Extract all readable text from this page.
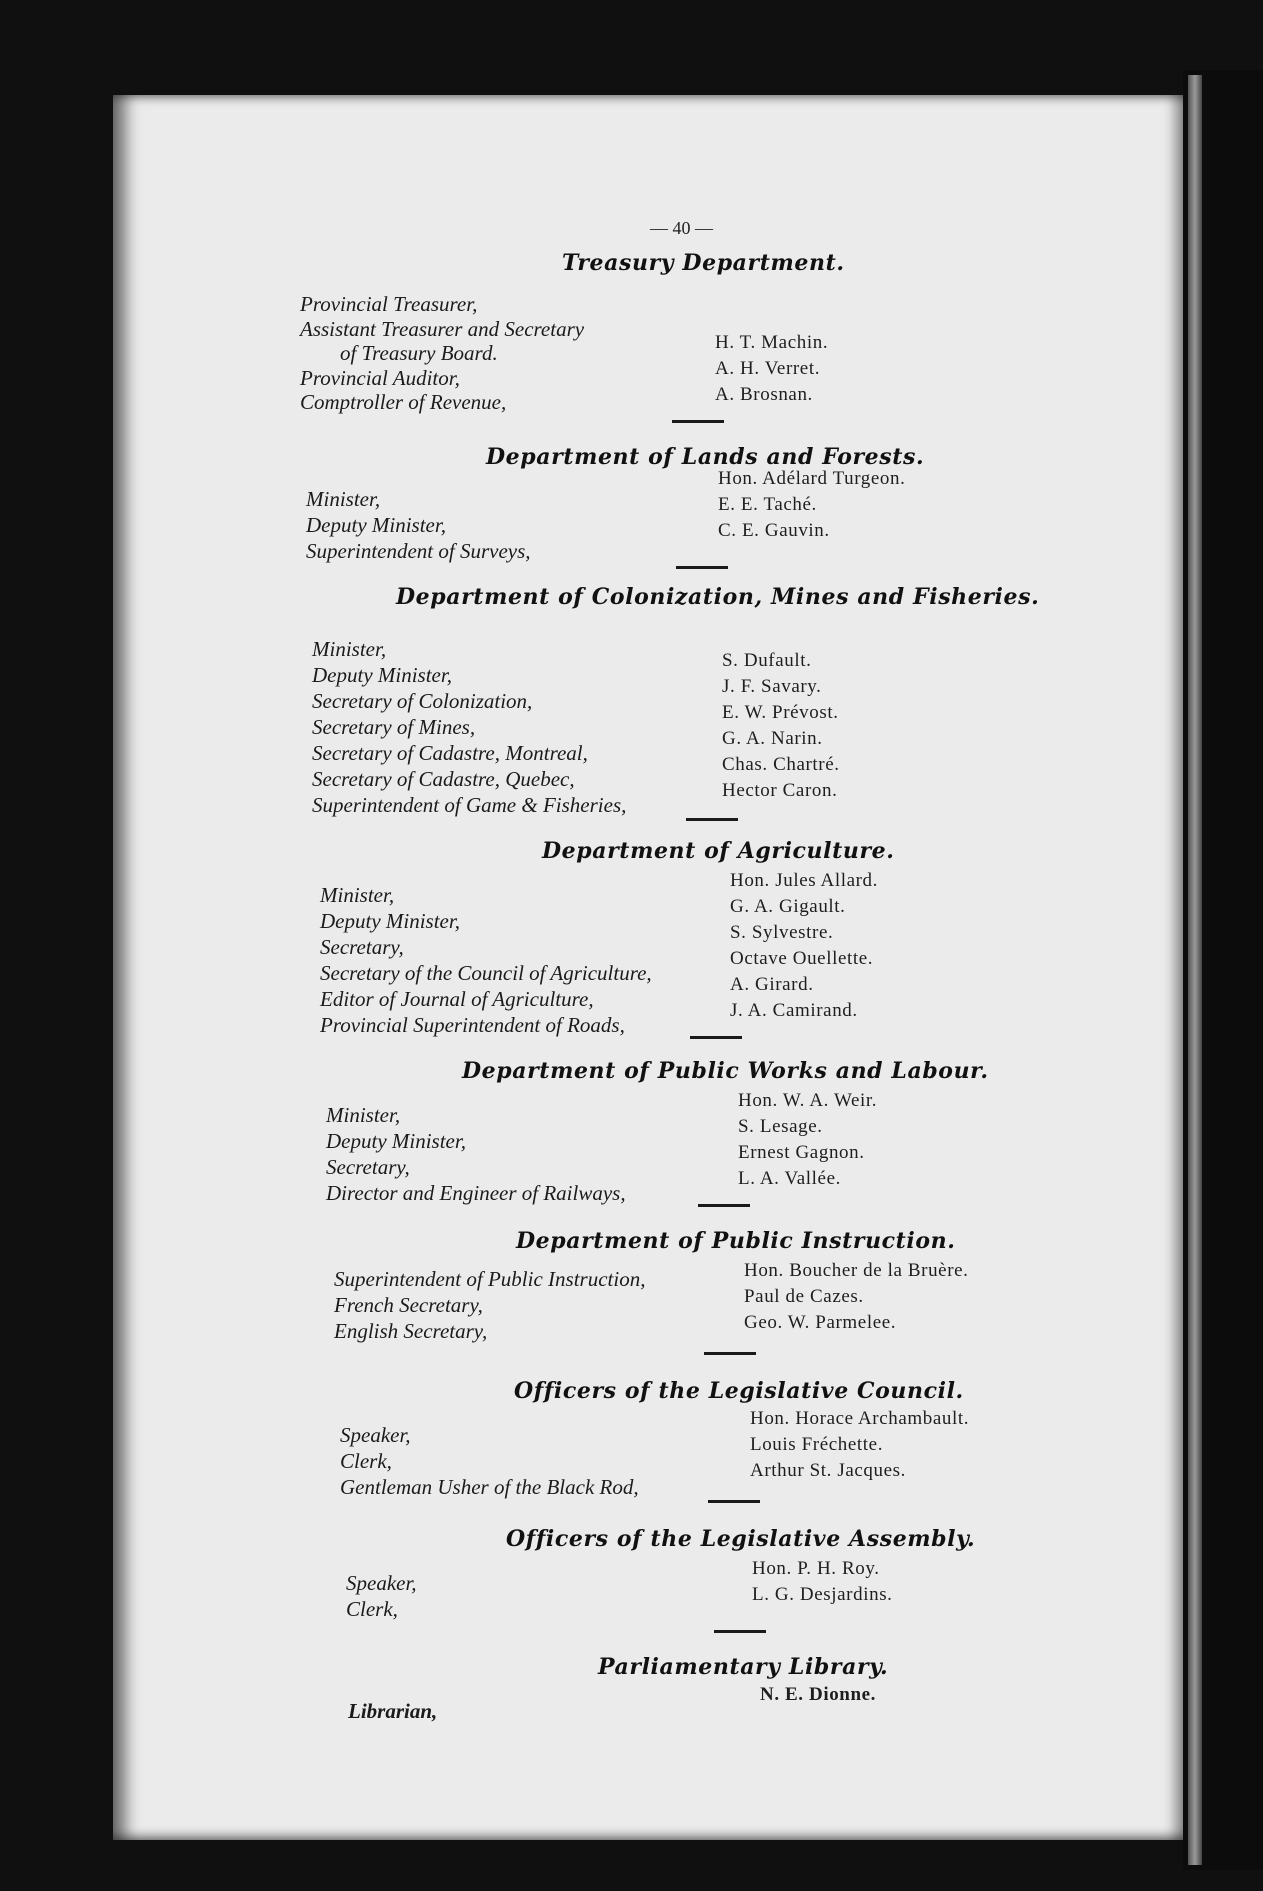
— 40 —
Treasury Department.
Provincial Treasurer,
Assistant Treasurer and Secretary
of Treasury Board.
Provincial Auditor,
Comptroller of Revenue,
H. T. Machin.
A. H. Verret.
A. Brosnan.
Department of Lands and Forests.
Minister,
Deputy Minister,
Superintendent of Surveys,
Hon. Adélard Turgeon.
E. E. Taché.
C. E. Gauvin.
Department of Colonization, Mines and Fisheries.
Minister,
Deputy Minister,
Secretary of Colonization,
Secretary of Mines,
Secretary of Cadastre, Montreal,
Secretary of Cadastre, Quebec,
Superintendent of Game & Fisheries,
S. Dufault.
J. F. Savary.
E. W. Prévost.
G. A. Narin.
Chas. Chartré.
Hector Caron.
Department of Agriculture.
Minister,
Deputy Minister,
Secretary,
Secretary of the Council of Agriculture,
Editor of Journal of Agriculture,
Provincial Superintendent of Roads,
Hon. Jules Allard.
G. A. Gigault.
S. Sylvestre.
Octave Ouellette.
A. Girard.
J. A. Camirand.
Department of Public Works and Labour.
Minister,
Deputy Minister,
Secretary,
Director and Engineer of Railways,
Hon. W. A. Weir.
S. Lesage.
Ernest Gagnon.
L. A. Vallée.
Department of Public Instruction.
Superintendent of Public Instruction,
French Secretary,
English Secretary,
Hon. Boucher de la Bruère.
Paul de Cazes.
Geo. W. Parmelee.
Officers of the Legislative Council.
Speaker,
Clerk,
Gentleman Usher of the Black Rod,
Hon. Horace Archambault.
Louis Fréchette.
Arthur St. Jacques.
Officers of the Legislative Assembly.
Speaker,
Clerk,
Hon. P. H. Roy.
L. G. Desjardins.
Parliamentary Library.
Librarian,
N. E. Dionne.
